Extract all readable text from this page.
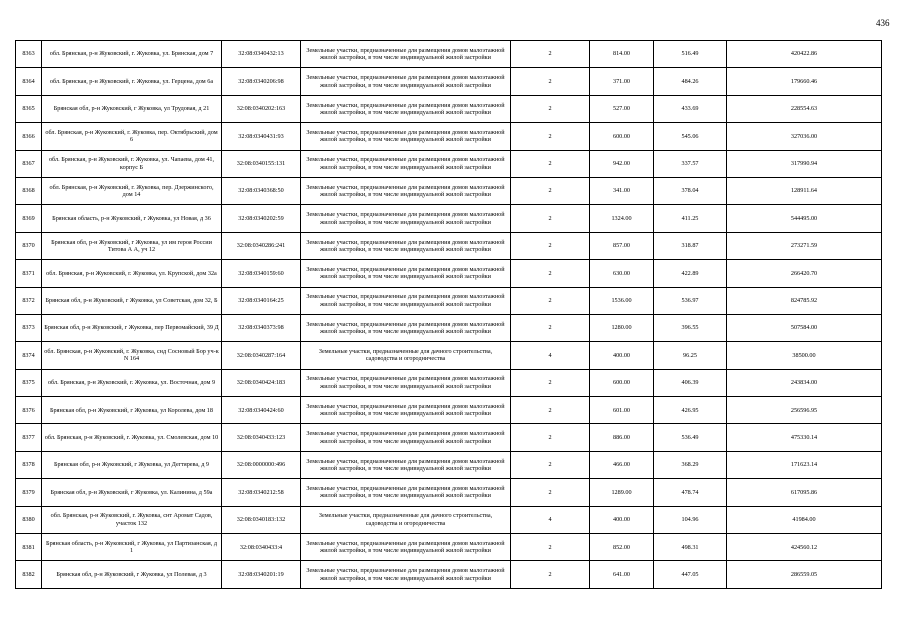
436
8363	обл. Брянская, р-н Жуковский, г. Жуковка, ул. Брянская, дом 7	32:08:0340432:13	Земельные участки, предназначенные для размещения домов малоэтажной жилой застройки, в том числе индивидуальной жилой застройки	2	814.00	516.49	420422.86
8364	обл. Брянская, р-н Жуковский, г. Жуковка, ул. Герцена, дом 6а	32:08:0340206:98	Земельные участки, предназначенные для размещения домов малоэтажной жилой застройки, в том числе индивидуальной жилой застройки	2	371.00	484.26	179660.46
8365	Брянская обл, р-н Жуковский, г Жуковка, ул Трудовая, д 21	32:08:0340202:163	Земельные участки, предназначенные для размещения домов малоэтажной жилой застройки, в том числе индивидуальной жилой застройки	2	527.00	433.69	228554.63
8366	обл. Брянская, р-н Жуковский, г. Жуковка, пер. Октябрьский, дом 6	32:08:0340431:93	Земельные участки, предназначенные для размещения домов малоэтажной жилой застройки, в том числе индивидуальной жилой застройки	2	600.00	545.06	327036.00
8367	обл. Брянская, р-н Жуковский, г. Жуковка, ул. Чапаева, дом 41, корпус Б	32:08:0340155:131	Земельные участки, предназначенные для размещения домов малоэтажной жилой застройки, в том числе индивидуальной жилой застройки	2	942.00	337.57	317990.94
8368	обл. Брянская, р-н Жуковский, г. Жуковка, пер. Дзержинского, дом 14	32:08:0340368:50	Земельные участки, предназначенные для размещения домов малоэтажной жилой застройки, в том числе индивидуальной жилой застройки	2	341.00	378.04	128911.64
8369	Брянская область, р-н Жуковский, г Жуковка, ул Новая, д 36	32:08:0340202:59	Земельные участки, предназначенные для размещения домов малоэтажной жилой застройки, в том числе индивидуальной жилой застройки	2	1324.00	411.25	544495.00
8370	Брянская обл, р-н Жуковский, г Жуковка, ул им героя России Титова А А, уч 12	32:08:0340286:241	Земельные участки, предназначенные для размещения домов малоэтажной жилой застройки, в том числе индивидуальной жилой застройки	2	857.00	318.87	273271.59
8371	обл. Брянская, р-н Жуковский, г. Жуковка, ул. Крупской, дом 32а	32:08:0340159:60	Земельные участки, предназначенные для размещения домов малоэтажной жилой застройки, в том числе индивидуальной жилой застройки	2	630.00	422.89	266420.70
8372	Брянская обл, р-н Жуковский, г Жуковка, ул Советская, дом 32, Б	32:08:0340164:25	Земельные участки, предназначенные для размещения домов малоэтажной жилой застройки, в том числе индивидуальной жилой застройки	2	1536.00	536.97	824785.92
8373	Брянская обл, р-н Жуковский, г Жуковка, пер Первомайский, 39 Д	32:08:0340373:98	Земельные участки, предназначенные для размещения домов малоэтажной жилой застройки, в том числе индивидуальной жилой застройки	2	1280.00	396.55	507584.00
8374	обл. Брянская, р-н Жуковский, г. Жуковка, снд Сосновый Бор уч-к N 164	32:08:0340287:164	Земельные участки, предназначенные для дачного строительства, садоводства и огородничества	4	400.00	96.25	38500.00
8375	обл. Брянская, р-н Жуковский, г. Жуковка, ул. Восточная, дом 9	32:08:0340424:183	Земельные участки, предназначенные для размещения домов малоэтажной жилой застройки, в том числе индивидуальной жилой застройки	2	600.00	406.39	243834.00
8376	Брянская обл, р-н Жуковский, г Жуковка, ул Королева, дом 18	32:08:0340424:60	Земельные участки, предназначенные для размещения домов малоэтажной жилой застройки, в том числе индивидуальной жилой застройки	2	601.00	426.95	256596.95
8377	обл. Брянская, р-н Жуковский, г. Жуковка, ул. Смолевская, дом 10	32:08:0340433:123	Земельные участки, предназначенные для размещения домов малоэтажной жилой застройки, в том числе индивидуальной жилой застройки	2	886.00	536.49	475330.14
8378	Брянская обл, р-н Жуковский, г Жуковка, ул Дегтярева, д 9	32:08:0000000:496	Земельные участки, предназначенные для размещения домов малоэтажной жилой застройки, в том числе индивидуальной жилой застройки	2	466.00	368.29	171623.14
8379	Брянская обл, р-н Жуковский, г Жуковка, ул. Калинина, д 59а	32:08:0340212:58	Земельные участки, предназначенные для размещения домов малоэтажной жилой застройки, в том числе индивидуальной жилой застройки	2	1289.00	478.74	617095.86
8380	обл. Брянская, р-н Жуковский, г. Жуковка, снт Аромат Садов, участок 132	32:08:0340183:132	Земельные участки, предназначенные для дачного строительства, садоводства и огородничества	4	400.00	104.96	41984.00
8381	Брянская область, р-н Жуковский, г Жуковка, ул Партизанская, д 1	32:08:0340433:4	Земельные участки, предназначенные для размещения домов малоэтажной жилой застройки, в том числе индивидуальной жилой застройки	2	852.00	498.31	424560.12
8382	Брянская обл, р-н Жуковский, г Жуковка, ул Полевая, д 3	32:08:0340201:19	Земельные участки, предназначенные для размещения домов малоэтажной жилой застройки, в том числе индивидуальной жилой застройки	2	641.00	447.05	286559.05
